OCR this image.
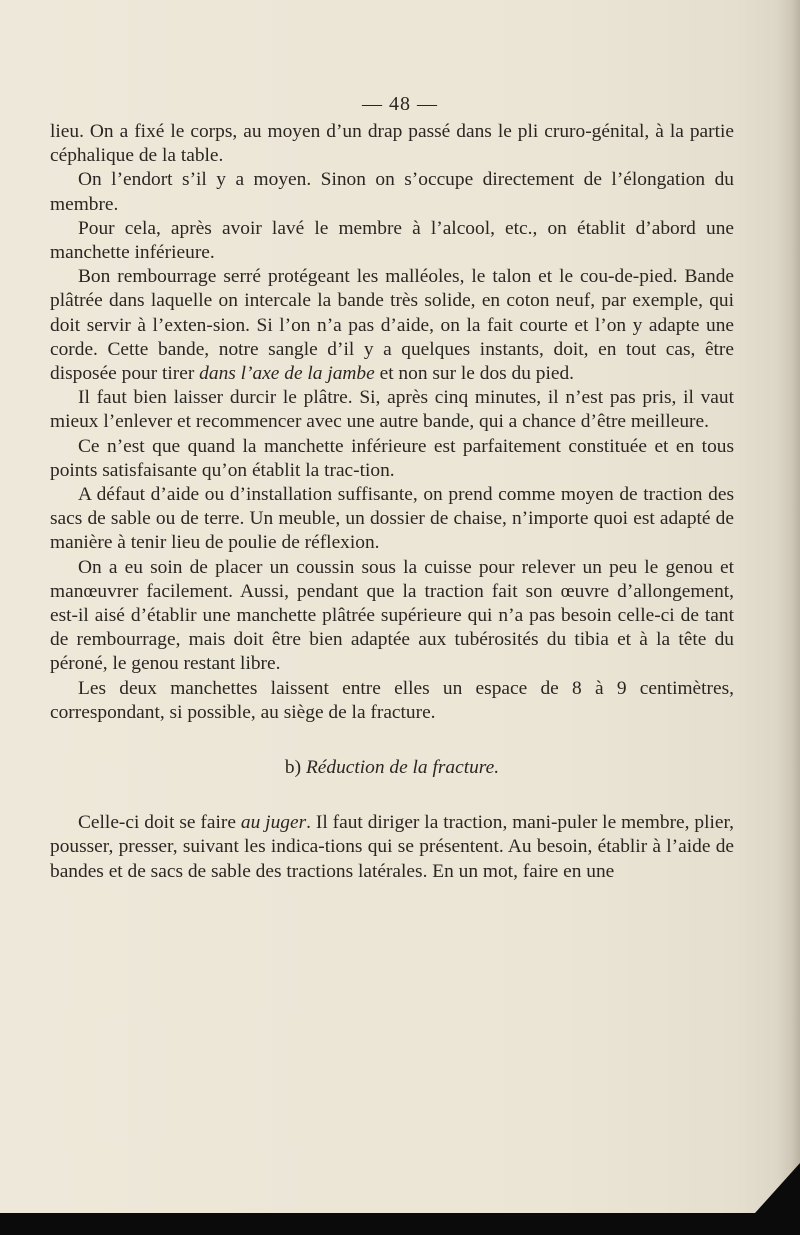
— 48 —

lieu. On a fixé le corps, au moyen d’un drap passé dans le pli cruro-génital, à la partie céphalique de la table.

On l’endort s’il y a moyen. Sinon on s’occupe directement de l’élongation du membre.

Pour cela, après avoir lavé le membre à l’alcool, etc., on établit d’abord une manchette inférieure.

Bon rembourrage serré protégeant les malléoles, le talon et le cou-de-pied. Bande plâtrée dans laquelle on intercale la bande très solide, en coton neuf, par exemple, qui doit servir à l’exten-sion. Si l’on n’a pas d’aide, on la fait courte et l’on y adapte une corde. Cette bande, notre sangle d’il y a quelques instants, doit, en tout cas, être disposée pour tirer dans l’axe de la jambe et non sur le dos du pied.

Il faut bien laisser durcir le plâtre. Si, après cinq minutes, il n’est pas pris, il vaut mieux l’enlever et recommencer avec une autre bande, qui a chance d’être meilleure.

Ce n’est que quand la manchette inférieure est parfaitement constituée et en tous points satisfaisante qu’on établit la trac-tion.

A défaut d’aide ou d’installation suffisante, on prend comme moyen de traction des sacs de sable ou de terre. Un meuble, un dossier de chaise, n’importe quoi est adapté de manière à tenir lieu de poulie de réflexion.

On a eu soin de placer un coussin sous la cuisse pour relever un peu le genou et manœuvrer facilement. Aussi, pendant que la traction fait son œuvre d’allongement, est-il aisé d’établir une manchette plâtrée supérieure qui n’a pas besoin celle-ci de tant de rembourrage, mais doit être bien adaptée aux tubérosités du tibia et à la tête du péroné, le genou restant libre.

Les deux manchettes laissent entre elles un espace de 8 à 9 centimètres, correspondant, si possible, au siège de la fracture.

b) Réduction de la fracture.

Celle-ci doit se faire au juger. Il faut diriger la traction, mani-puler le membre, plier, pousser, presser, suivant les indica-tions qui se présentent. Au besoin, établir à l’aide de bandes et de sacs de sable des tractions latérales. En un mot, faire en une
